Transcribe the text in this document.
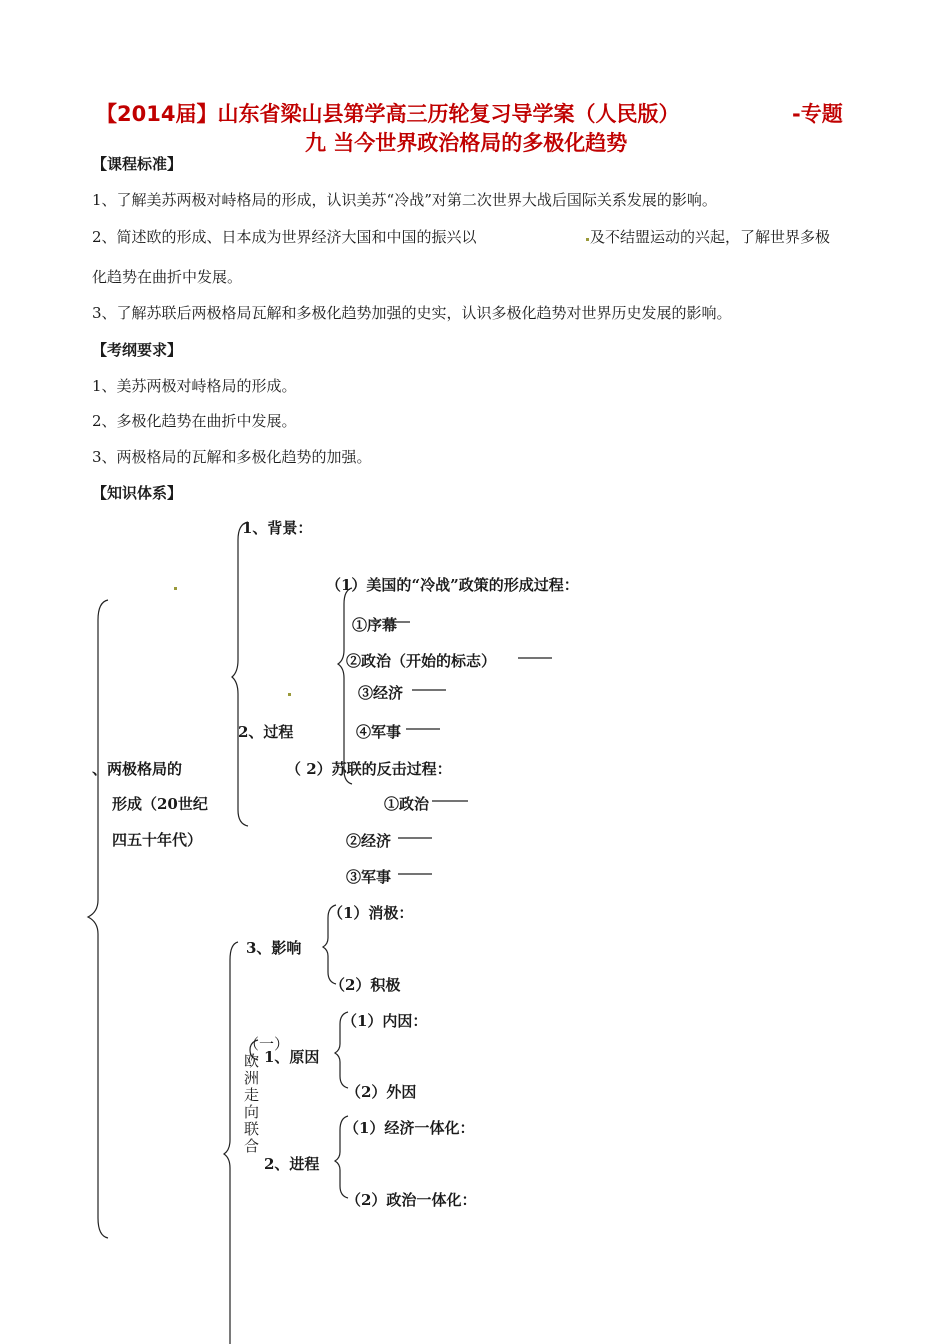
【2014届】山东省梁山县第学高三历轮复习导学案（人民版）	-专题
九 当今世界政治格局的多极化趋势
【课程标准】
1、了解美苏两极对峙格局的形成，认识美苏“冷战”对第二次世界大战后国际关系发展的影响。
2、简述欧的形成、日本成为世界经济大国和中国的振兴以	及不结盟运动的兴起，了解世界多极
化趋势在曲折中发展。
3、了解苏联后两极格局瓦解和多极化趋势加强的史实，认识多极化趋势对世界历史发展的影响。
【考纲要求】
1、美苏两极对峙格局的形成。
2、多极化趋势在曲折中发展。
3、两极格局的瓦解和多极化趋势的加强。
【知识体系】
1、背景：
（1）美国的“冷战”政策的形成过程：
①序幕
②政治（开始的标志）
③经济
④军事
2、过程
、两极格局的
形成（20世纪
四五十年代）
（ 2）苏联的反击过程：
①政治
②经济
③军事
（1）消极：
3、影响
（2）积极
（1）内因：
1、原因
（2）外因
（1）经济一体化：
2、进程
（2）政治一体化：
（一）欧洲走向联合
